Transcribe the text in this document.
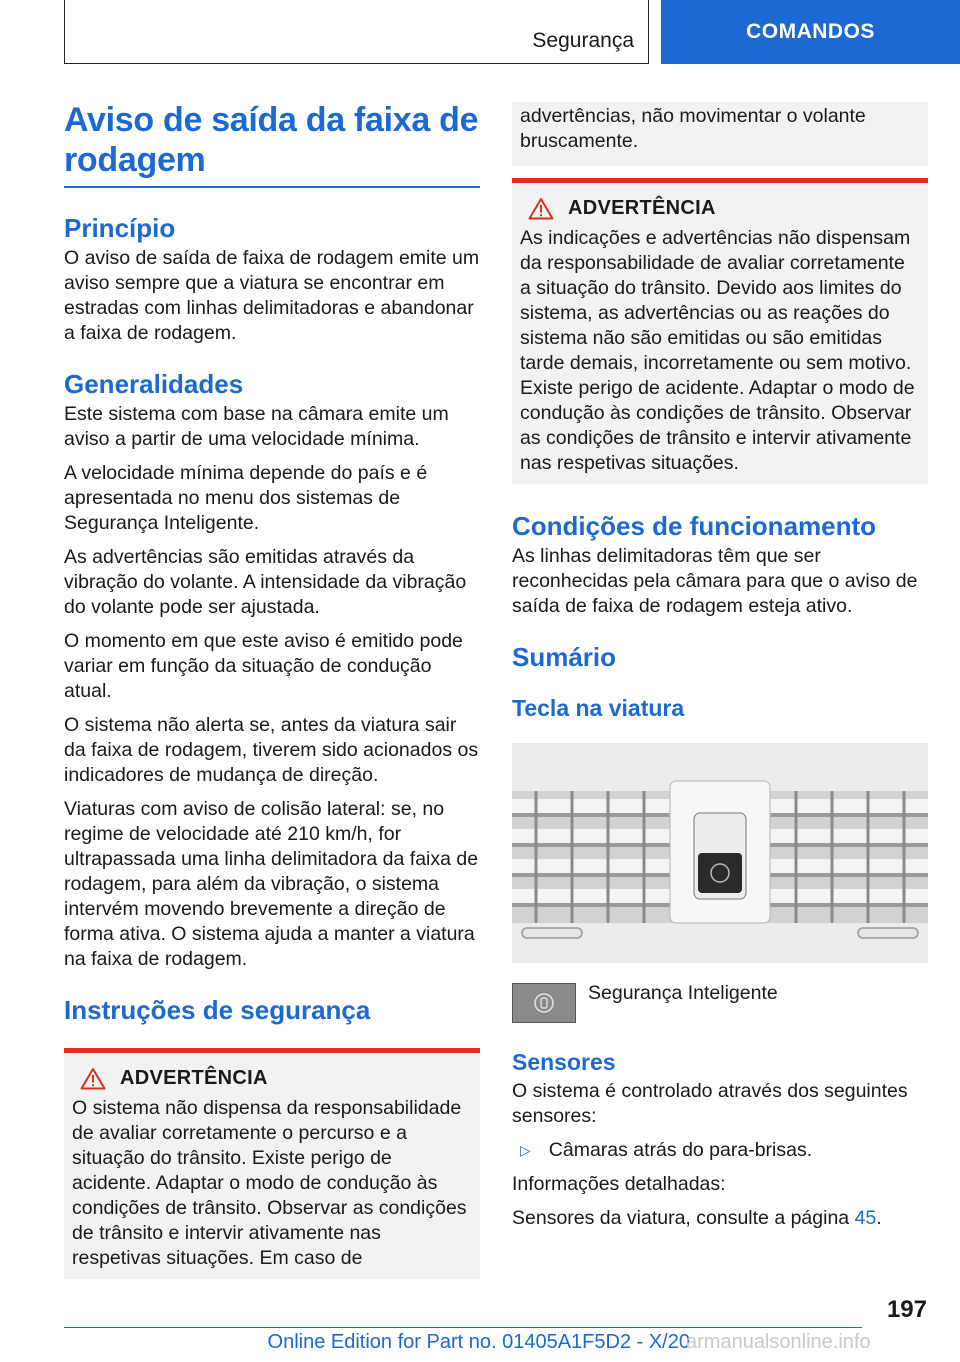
Segurança	COMANDOS
Aviso de saída da faixa de rodagem
Princípio

O aviso de saída de faixa de rodagem emite um aviso sempre que a viatura se encontrar em estradas com linhas delimitadoras e abandonar a faixa de rodagem.

Generalidades

Este sistema com base na câmara emite um aviso a partir de uma velocidade mínima.

A velocidade mínima depende do país e é apresentada no menu dos sistemas de Segurança Inteligente.

As advertências são emitidas através da vibração do volante. A intensidade da vibração do volante pode ser ajustada.

O momento em que este aviso é emitido pode variar em função da situação de condução atual.

O sistema não alerta se, antes da viatura sair da faixa de rodagem, tiverem sido acionados os indicadores de mudança de direção.

Viaturas com aviso de colisão lateral: se, no regime de velocidade até 210 km/h, for ultrapassada uma linha delimitadora da faixa de rodagem, para além da vibração, o sistema intervém movendo brevemente a direção de forma ativa. O sistema ajuda a manter a viatura na faixa de rodagem.

Instruções de segurança
ADVERTÊNCIA

O sistema não dispensa da responsabilidade de avaliar corretamente o percurso e a situação do trânsito. Existe perigo de acidente. Adaptar o modo de condução às condições de trânsito. Observar as condições de trânsito e intervir ativamente nas respetivas situações. Em caso de

advertências, não movimentar o volante bruscamente.

ADVERTÊNCIA

As indicações e advertências não dispensam da responsabilidade de avaliar corretamente a situação do trânsito. Devido aos limites do sistema, as advertências ou as reações do sistema não são emitidas ou são emitidas tarde demais, incorretamente ou sem motivo. Existe perigo de acidente. Adaptar o modo de condução às condições de trânsito. Observar as condições de trânsito e intervir ativamente nas respetivas situações.

Condições de funcionamento

As linhas delimitadoras têm que ser reconhecidas pela câmara para que o aviso de saída de faixa de rodagem esteja ativo.

Sumário
Tecla na viatura

Segurança Inteligente

Sensores

O sistema é controlado através dos seguintes sensores:

▷ Câmaras atrás do para-brisas.

Informações detalhadas:

Sensores da viatura, consulte a página 45.

197
Online Edition for Part no. 01405A1F5D2 - X/20
armanualsonline.info
